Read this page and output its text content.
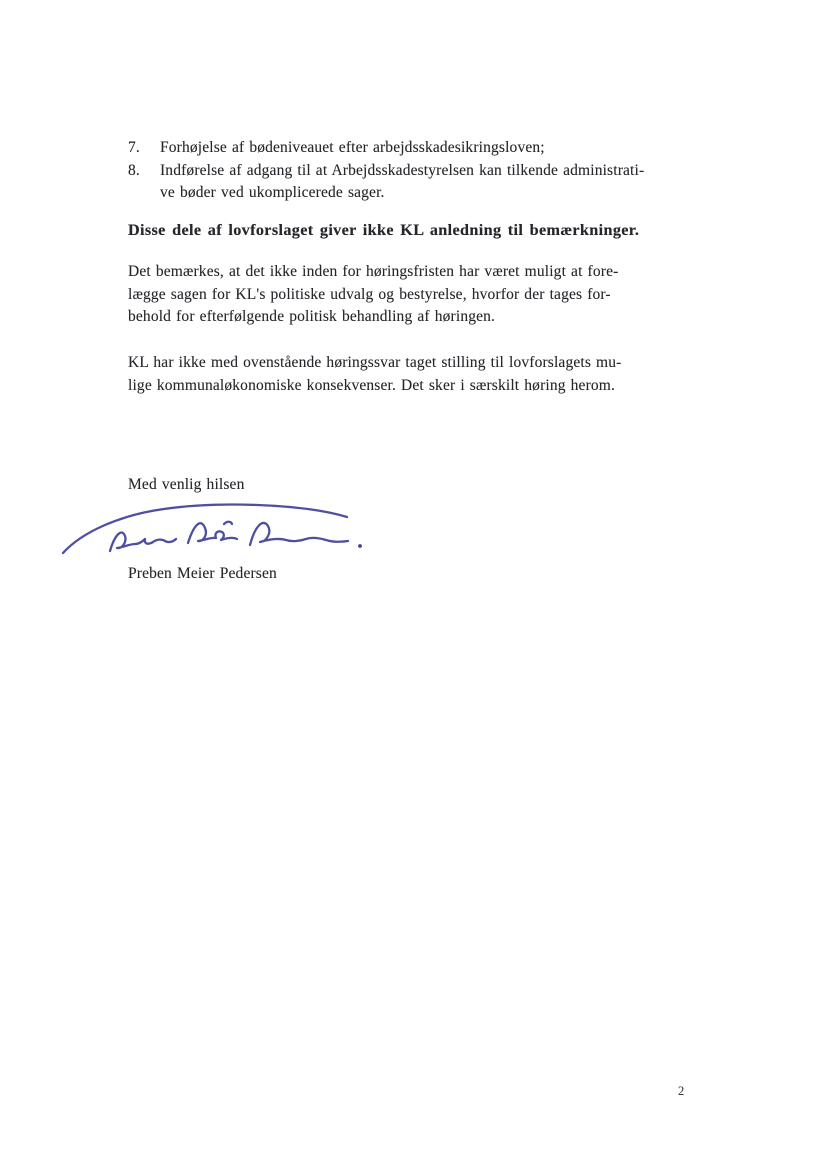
7.	Forhøjelse af bødeniveauet efter arbejdsskadesikringsloven;
8.	Indførelse af adgang til at Arbejdsskadestyrelsen kan tilkende administrati-
ve bøder ved ukomplicerede sager.
Disse dele af lovforslaget giver ikke KL anledning til bemærkninger.
Det bemærkes, at det ikke inden for høringsfristen har været muligt at fore-
lægge sagen for KL's politiske udvalg og bestyrelse, hvorfor der tages for-
behold for efterfølgende politisk behandling af høringen.
KL har ikke med ovenstående høringssvar taget stilling til lovforslagets mu-
lige kommunaløkonomiske konsekvenser. Det sker i særskilt høring herom.
Med venlig hilsen
Preben Meier Pedersen
2
